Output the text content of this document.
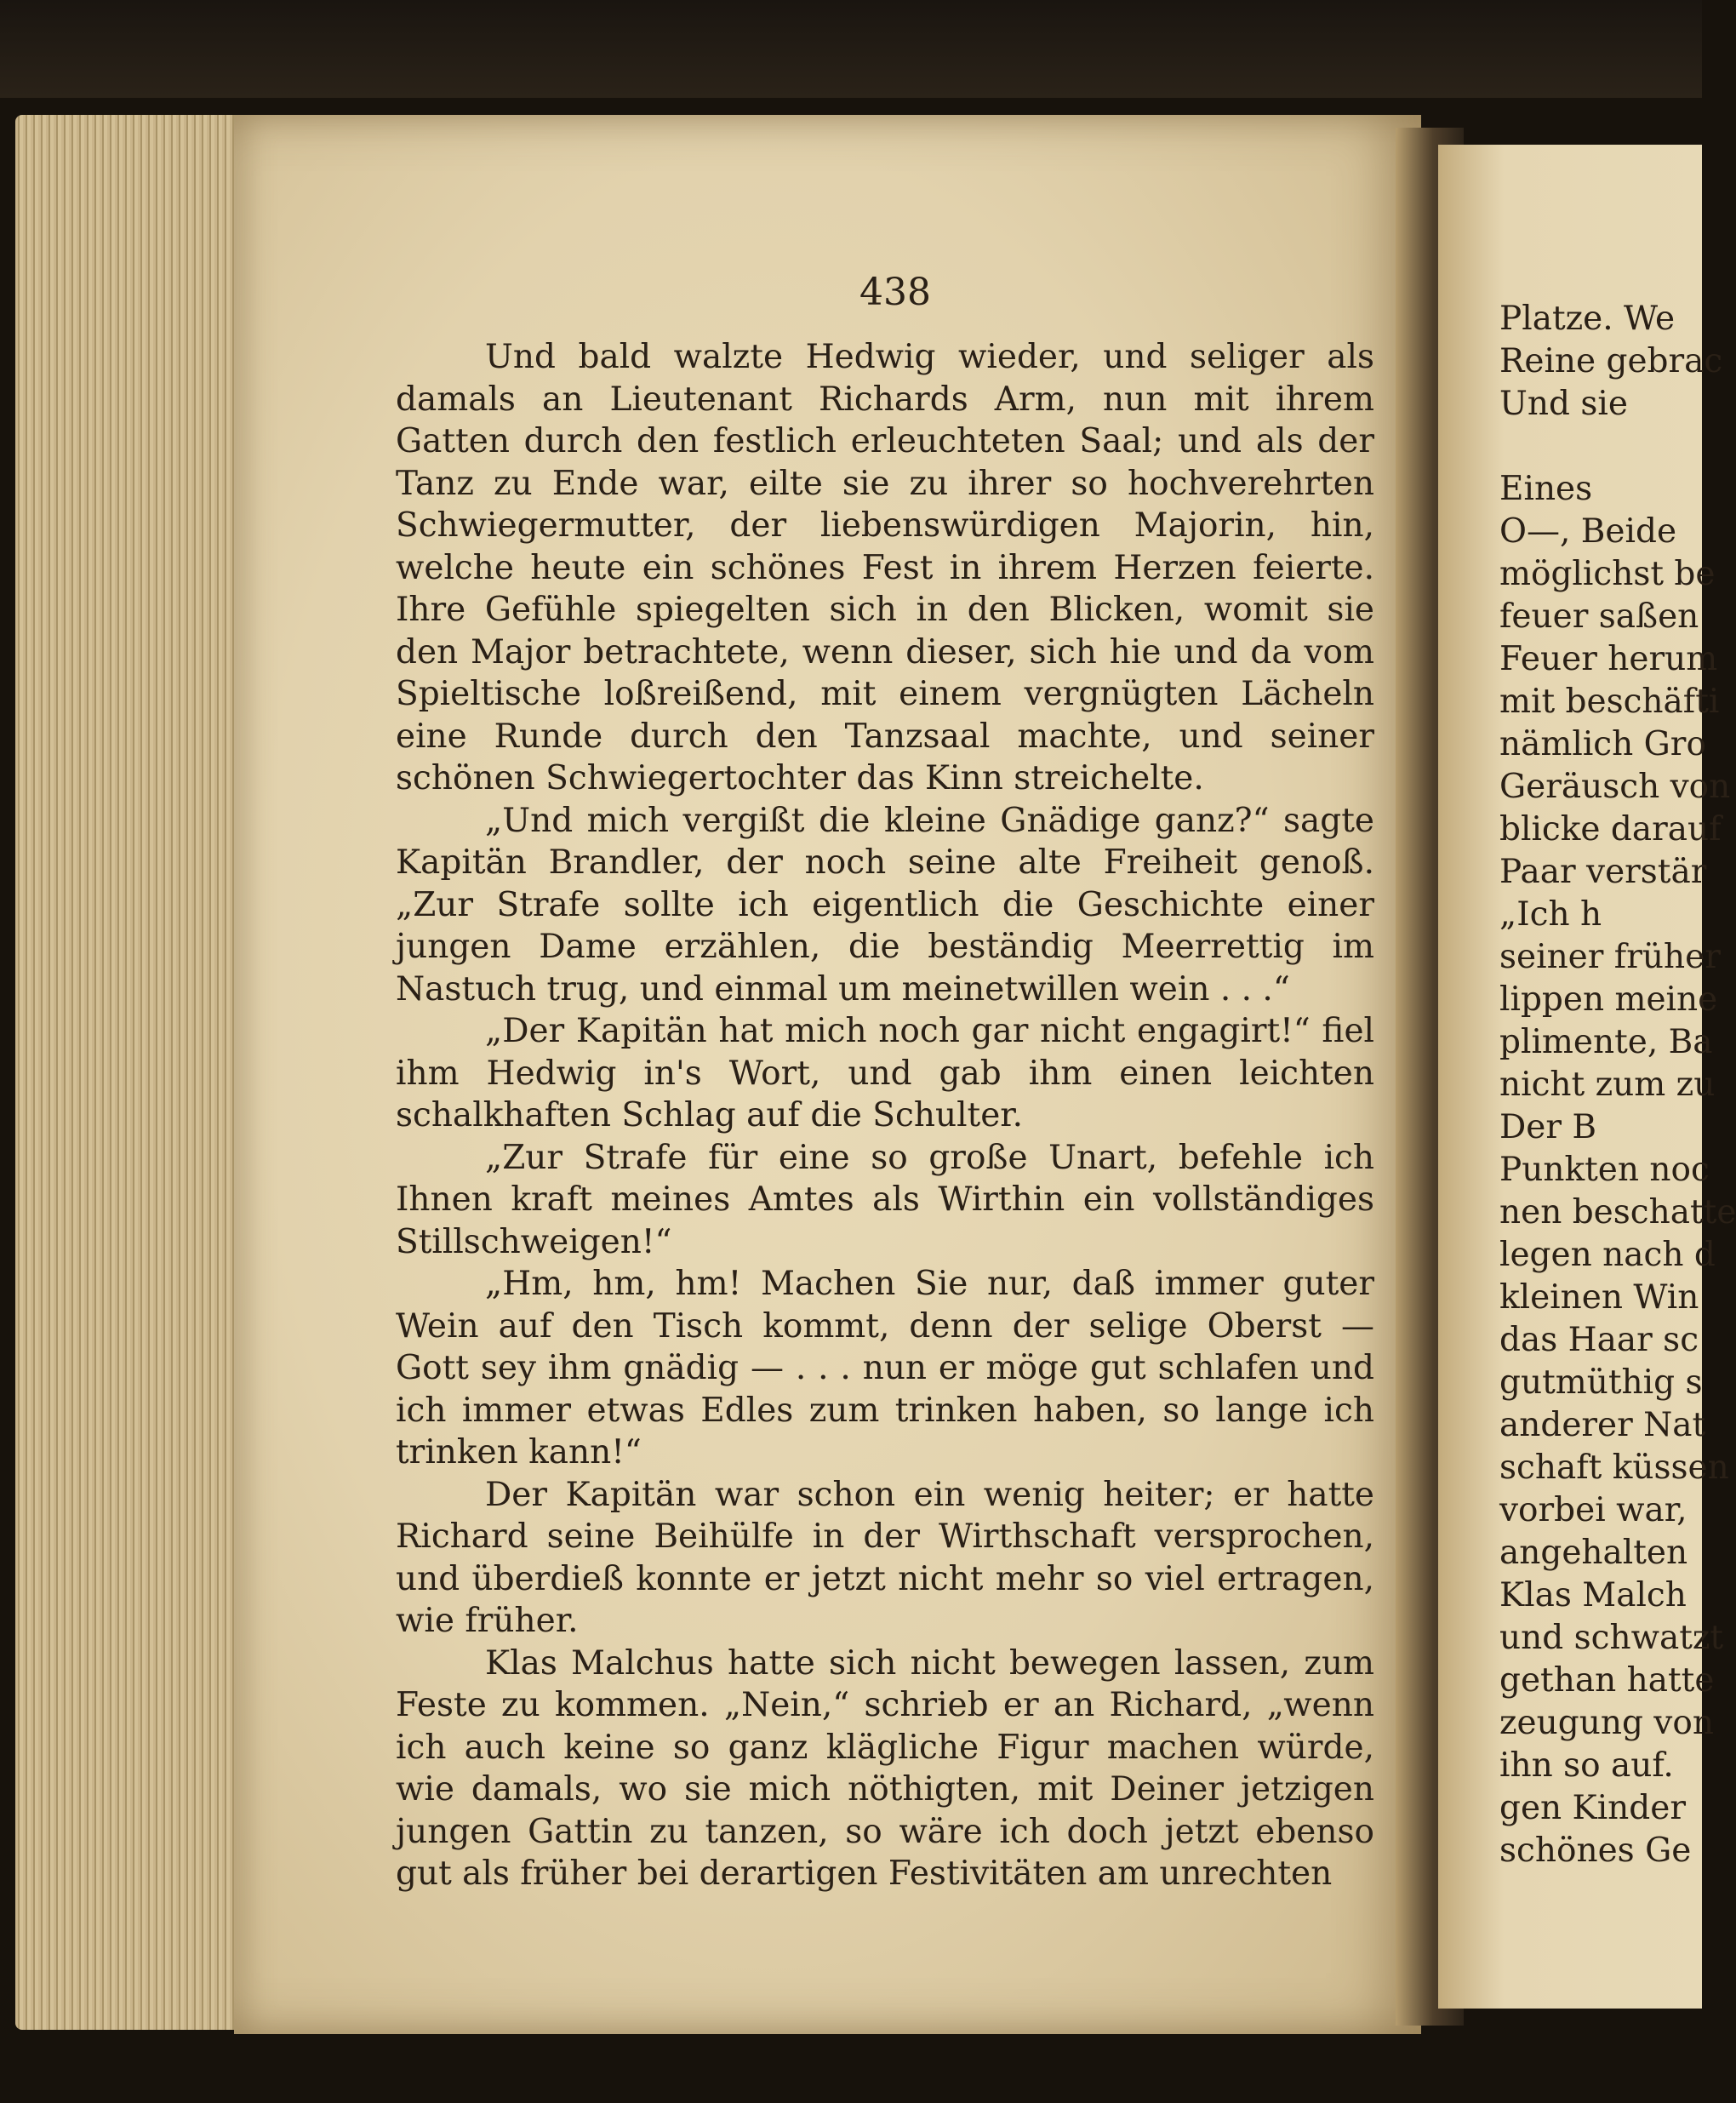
438

Und bald walzte Hedwig wieder, und seliger als damals an Lieutenant Richards Arm, nun mit ihrem Gatten durch den festlich erleuchteten Saal; und als der Tanz zu Ende war, eilte sie zu ihrer so hochverehrten Schwiegermutter, der liebenswürdigen Majorin, hin, welche heute ein schönes Fest in ihrem Herzen feierte. Ihre Gefühle spiegelten sich in den Blicken, womit sie den Major betrachtete, wenn dieser, sich hie und da vom Spieltische loßreißend, mit einem vergnügten Lächeln eine Runde durch den Tanzsaal machte, und seiner schönen Schwiegertochter das Kinn streichelte.

„Und mich vergißt die kleine Gnädige ganz?“ sagte Kapitän Brandler, der noch seine alte Freiheit genoß. „Zur Strafe sollte ich eigentlich die Geschichte einer jungen Dame erzählen, die beständig Meerrettig im Nastuch trug, und einmal um meinetwillen wein . . .“

„Der Kapitän hat mich noch gar nicht engagirt!“ fiel ihm Hedwig in's Wort, und gab ihm einen leichten schalkhaften Schlag auf die Schulter.

„Zur Strafe für eine so große Unart, befehle ich Ihnen kraft meines Amtes als Wirthin ein vollständiges Stillschweigen!“

„Hm, hm, hm! Machen Sie nur, daß immer guter Wein auf den Tisch kommt, denn der selige Oberst — Gott sey ihm gnädig — . . . nun er möge gut schlafen und ich immer etwas Edles zum trinken haben, so lange ich trinken kann!“

Der Kapitän war schon ein wenig heiter; er hatte Richard seine Beihülfe in der Wirthschaft versprochen, und überdieß konnte er jetzt nicht mehr so viel ertragen, wie früher.

Klas Malchus hatte sich nicht bewegen lassen, zum Feste zu kommen. „Nein,“ schrieb er an Richard, „wenn ich auch keine so ganz klägliche Figur machen würde, wie damals, wo sie mich nöthigten, mit Deiner jetzigen jungen Gattin zu tanzen, so wäre ich doch jetzt ebenso gut als früher bei derartigen Festivitäten am unrechten

Platze. We
Reine gebrac
Und sie
Eines
O—, Beide
möglichst be
feuer saßen
Feuer herum
mit beschäfti
nämlich Gro
Geräusch von
blicke darauf
Paar verstär
„Ich h
seiner früher
lippen meine
plimente, Ba
nicht zum zu
Der B
Punkten noc
nen beschatte
legen nach d
kleinen Win
das Haar sc
gutmüthig s
anderer Nat
schaft küssen
vorbei war,
angehalten
Klas Malch
und schwatzt
gethan hatte
zeugung von
ihn so auf.
gen Kinder
schönes Ge
